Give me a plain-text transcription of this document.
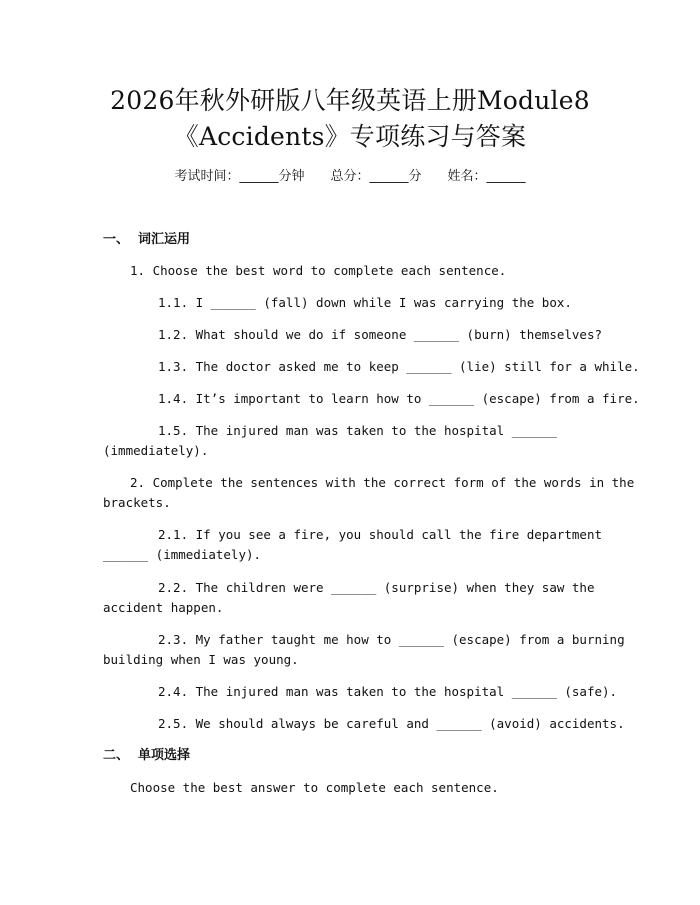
2026年秋外研版八年级英语上册Module8
《Accidents》专项练习与答案
考试时间：______分钟 总分：______分 姓名：______
一、  词汇运用
1. Choose the best word to complete each sentence.
1.1. I ______ (fall) down while I was carrying the box.
1.2. What should we do if someone ______ (burn) themselves?
1.3. The doctor asked me to keep ______ (lie) still for a while.
1.4. It’s important to learn how to ______ (escape) from a fire.
1.5. The injured man was taken to the hospital ______
(immediately).
2. Complete the sentences with the correct form of the words in the
brackets.
2.1. If you see a fire, you should call the fire department
______ (immediately).
2.2. The children were ______ (surprise) when they saw the
accident happen.
2.3. My father taught me how to ______ (escape) from a burning
building when I was young.
2.4. The injured man was taken to the hospital ______ (safe).
2.5. We should always be careful and ______ (avoid) accidents.
二、  单项选择
Choose the best answer to complete each sentence.
